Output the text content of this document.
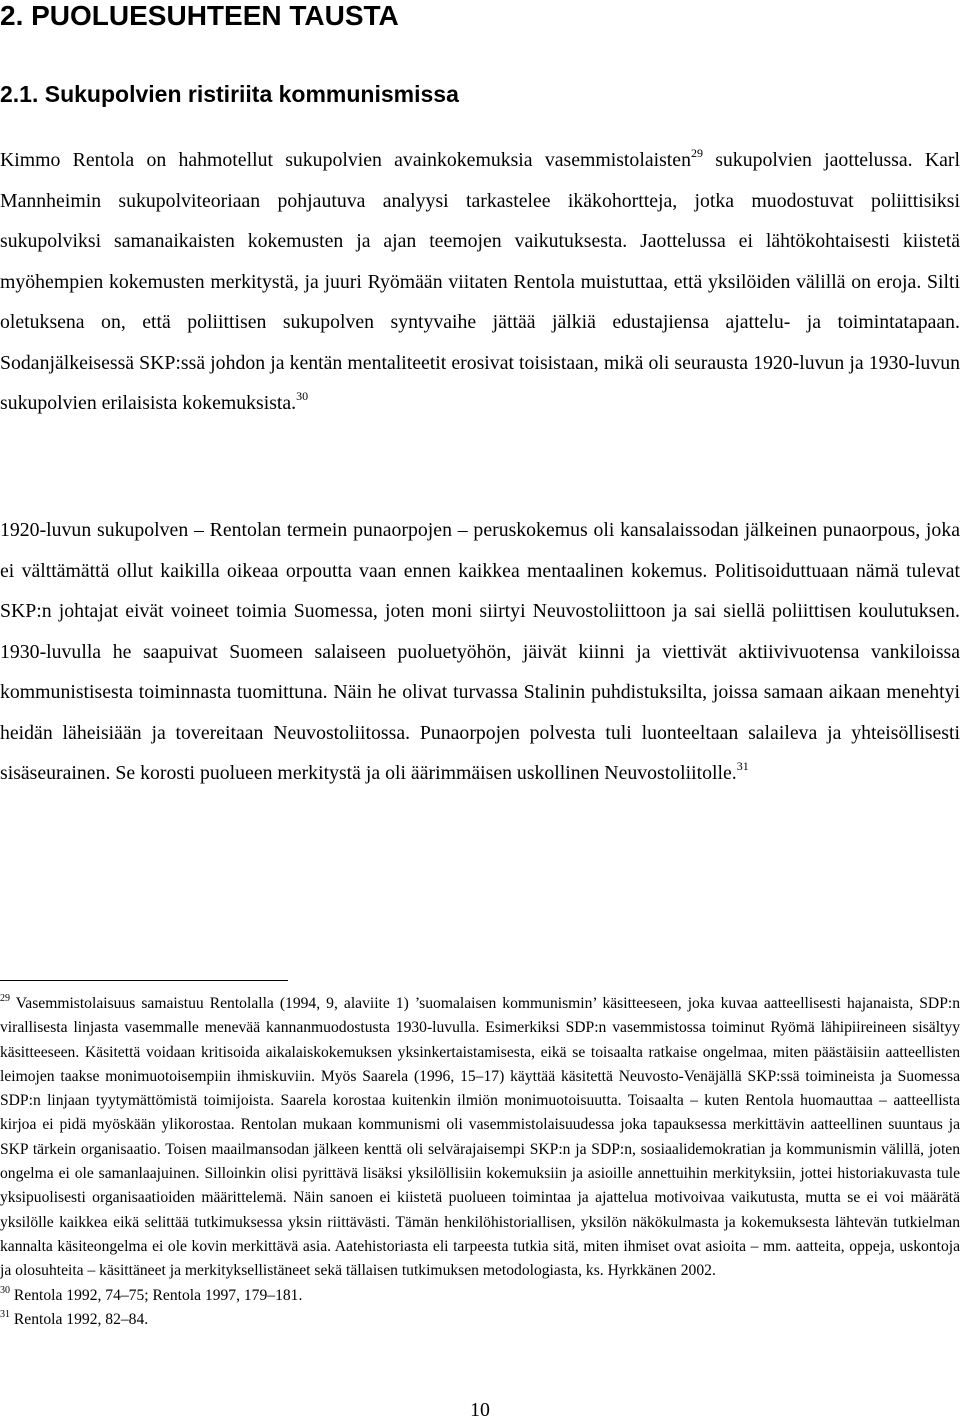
2. PUOLUESUHTEEN TAUSTA
2.1. Sukupolvien ristiriita kommunismissa

Kimmo Rentola on hahmotellut sukupolvien avainkokemuksia vasemmistolaisten$^{29}$ sukupolvien jaottelussa. Karl Mannheimin sukupolviteoriaan pohjautuva analyysi tarkastelee ikäkohortteja, jotka muodostuvat poliittisiksi sukupolviksi samanaikaisten kokemusten ja ajan teemojen vaikutuksesta. Jaottelussa ei lähtökohtaisesti kiistetä myöhempien kokemusten merkitystä, ja juuri Ryömään viitaten Rentola muistuttaa, että yksilöiden välillä on eroja. Silti oletuksena on, että poliittisen sukupolven syntyvaihe jättää jälkiä edustajiensa ajattelu- ja toimintatapaan. Sodanjälkeisessä SKP:ssä johdon ja kentän mentaliteetit erosivat toisistaan, mikä oli seurausta 1920-luvun ja 1930-luvun sukupolvien erilaisista kokemuksista.$^{30}$

1920-luvun sukupolven – Rentolan termein punaorpojen – peruskokemus oli kansalaissodan jälkeinen punaorpous, joka ei välttämättä ollut kaikilla oikeaa orpoutta vaan ennen kaikkea mentaalinen kokemus. Politisoiduttuaan nämä tulevat SKP:n johtajat eivät voineet toimia Suomessa, joten moni siirtyi Neuvostoliittoon ja sai siellä poliittisen koulutuksen. 1930-luvulla he saapuivat Suomeen salaiseen puoluetyöhön, jäivät kiinni ja viettivät aktiivivuotensa vankiloissa kommunistisesta toiminnasta tuomittuna. Näin he olivat turvassa Stalinin puhdistuksilta, joissa samaan aikaan menehtyi heidän läheisiään ja tovereitaan Neuvostoliitossa. Punaorpojen polvesta tuli luonteeltaan salaileva ja yhteisöllisesti sisäseurainen. Se korosti puolueen merkitystä ja oli äärimmäisen uskollinen Neuvostoliitolle.$^{31}$

$^{29}$ Vasemmistolaisuus samaistuu Rentolalla (1994, 9, alaviite 1) ’suomalaisen kommunismin’ käsitteeseen, joka kuvaa aatteellisesti hajanaista, SDP:n virallisesta linjasta vasemmalle menevää kannanmuodostusta 1930-luvulla. Esimerkiksi SDP:n vasemmistossa toiminut Ryömä lähipiireineen sisältyy käsitteeseen. Käsitettä voidaan kritisoida aikalaiskokemuksen yksinkertaistamisesta, eikä se toisaalta ratkaise ongelmaa, miten päästäisiin aatteellisten leimojen taakse monimuotoisempiin ihmiskuviin. Myös Saarela (1996, 15–17) käyttää käsitettä Neuvosto-Venäjällä SKP:ssä toimineista ja Suomessa SDP:n linjaan tyytymättömistä toimijoista. Saarela korostaa kuitenkin ilmiön monimuotoisuutta. Toisaalta – kuten Rentola huomauttaa – aatteellista kirjoa ei pidä myöskään ylikorostaa. Rentolan mukaan kommunismi oli vasemmistolaisuudessa joka tapauksessa merkittävin aatteellinen suuntaus ja SKP tärkein organisaatio. Toisen maailmansodan jälkeen kenttä oli selvärajaisempi SKP:n ja SDP:n, sosiaalidemokratian ja kommunismin välillä, joten ongelma ei ole samanlaajuinen. Silloinkin olisi pyrittävä lisäksi yksilöllisiin kokemuksiin ja asioille annettuihin merkityksiin, jottei historiakuvasta tule yksipuolisesti organisaatioiden määrittelemä. Näin sanoen ei kiistetä puolueen toimintaa ja ajattelua motivoivaa vaikutusta, mutta se ei voi määrätä yksilölle kaikkea eikä selittää tutkimuksessa yksin riittävästi. Tämän henkilöhistoriallisen, yksilön näkökulmasta ja kokemuksesta lähtevän tutkielman kannalta käsiteongelma ei ole kovin merkittävä asia. Aatehistoriasta eli tarpeesta tutkia sitä, miten ihmiset ovat asioita – mm. aatteita, oppeja, uskontoja ja olosuhteita – käsittäneet ja merkityksellistäneet sekä tällaisen tutkimuksen metodologiasta, ks. Hyrkkänen 2002.

$^{30}$ Rentola 1992, 74–75; Rentola 1997, 179–181.

$^{31}$ Rentola 1992, 82–84.

10
